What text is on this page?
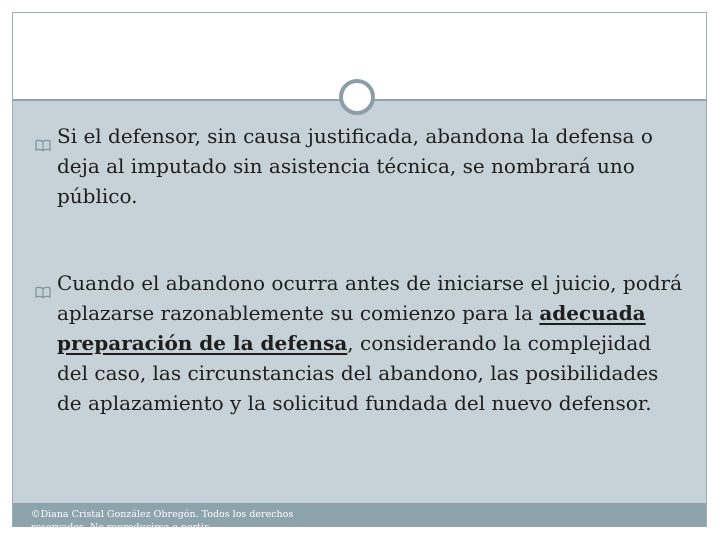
Si el defensor, sin causa justificada, abandona la defensa o deja al imputado sin asistencia técnica, se nombrará uno público.
Cuando el abandono ocurra antes de iniciarse el juicio, podrá aplazarse razonablemente su comienzo para la adecuada preparación de la defensa, considerando la complejidad del caso, las circunstancias del abandono, las posibilidades de aplazamiento y la solicitud fundada del nuevo defensor.
©Diana Cristal González Obregón. Todos los derechos reservados. No reproducirse o pertir
